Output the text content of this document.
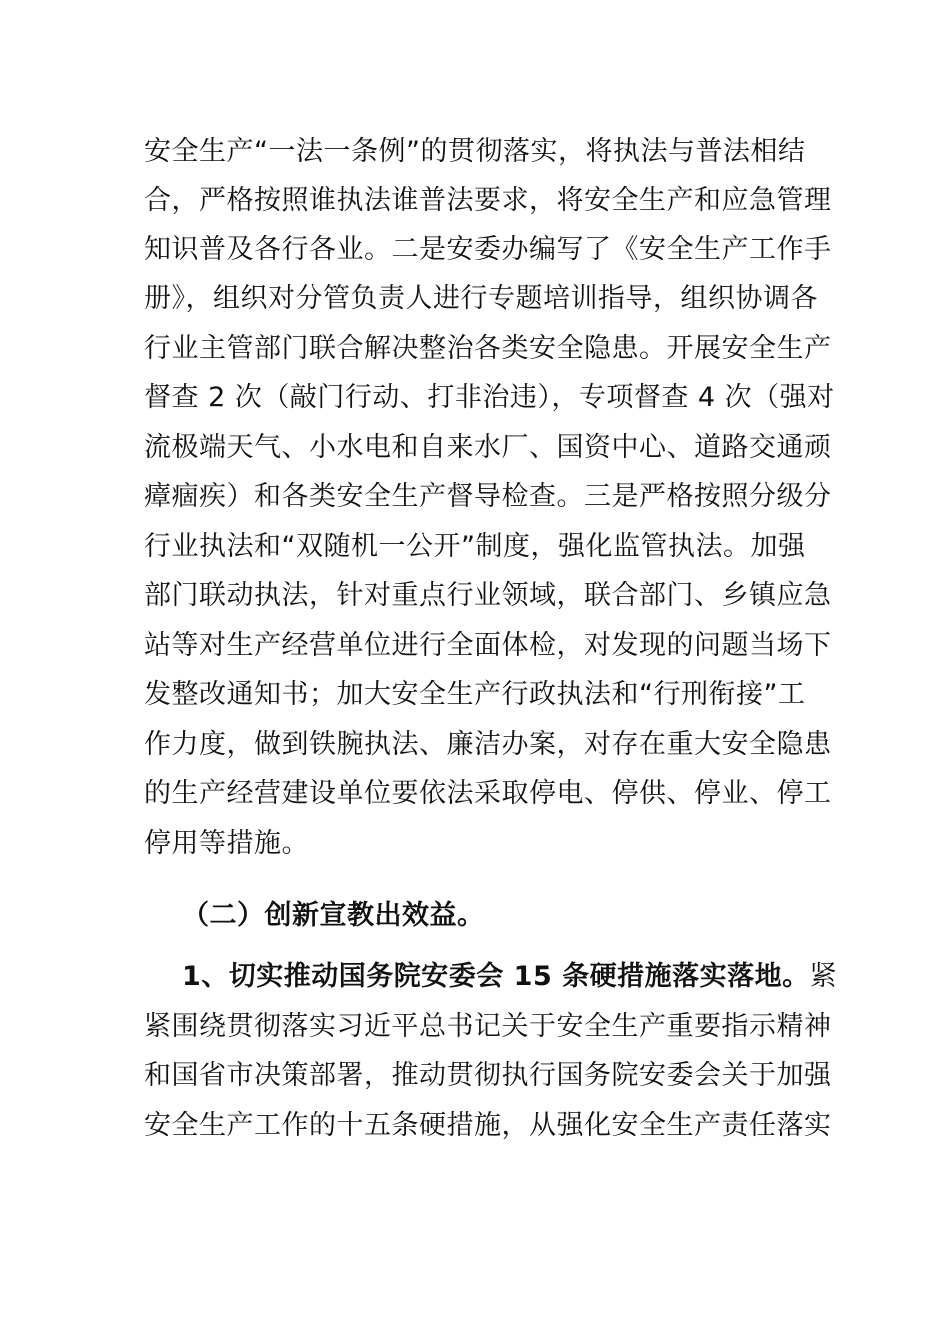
安全生产“一法一条例”的贯彻落实，将执法与普法相结
合，严格按照谁执法谁普法要求，将安全生产和应急管理
知识普及各行各业。二是安委办编写了《安全生产工作手
册》，组织对分管负责人进行专题培训指导，组织协调各
行业主管部门联合解决整治各类安全隐患。开展安全生产
督查 2 次（敲门行动、打非治违），专项督查 4 次（强对
流极端天气、小水电和自来水厂、国资中心、道路交通顽
瘴痼疾）和各类安全生产督导检查。三是严格按照分级分
行业执法和“双随机一公开”制度，强化监管执法。加强
部门联动执法，针对重点行业领域，联合部门、乡镇应急
站等对生产经营单位进行全面体检，对发现的问题当场下
发整改通知书；加大安全生产行政执法和“行刑衔接”工
作力度，做到铁腕执法、廉洁办案，对存在重大安全隐患
的生产经营建设单位要依法采取停电、停供、停业、停工
停用等措施。
（二）创新宣教出效益。
1、切实推动国务院安委会 15 条硬措施落实落地。紧
紧围绕贯彻落实习近平总书记关于安全生产重要指示精神
和国省市决策部署，推动贯彻执行国务院安委会关于加强
安全生产工作的十五条硬措施，从强化安全生产责任落实
